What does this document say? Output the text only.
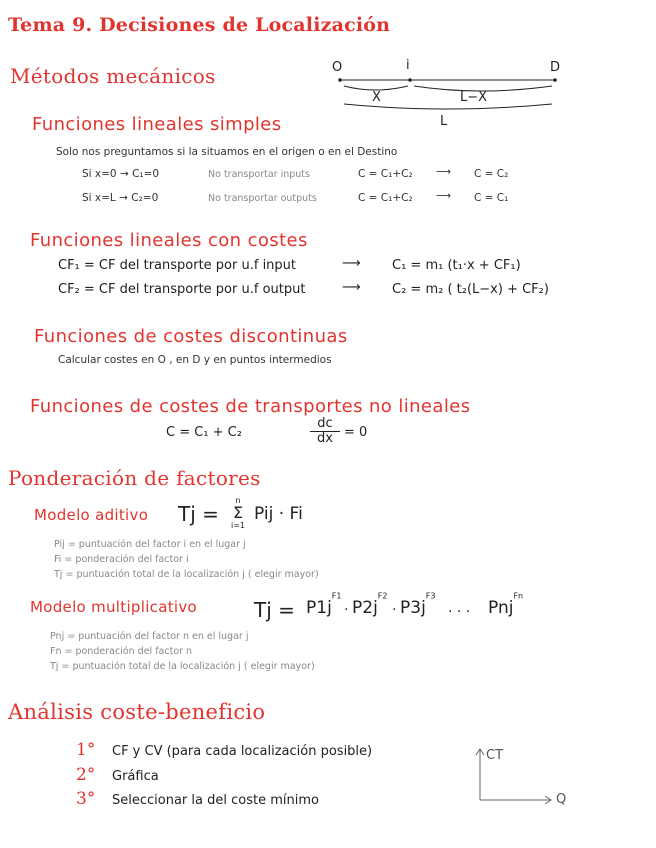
Tema 9. Decisiones de Localización
Métodos mecánicos	O	i	D
X	L−X
L
Funciones lineales simples
Solo nos preguntamos si la situamos en el origen o en el Destino
Si x=0 → C₁=0	No transportar inputs	C = C₁+C₂ ⟶ C = C₂
Si x=L → C₂=0	No transportar outputs	C = C₁+C₂ ⟶ C = C₁
Funciones lineales con costes
CF₁ = CF del transporte por u.f input	⟶ C₁ = m₁ (t₁·x + CF₁)
CF₂ = CF del transporte por u.f output	⟶ C₂ = m₂ ( t₂(L−x) + CF₂)
Funciones de costes discontinuas
Calcular costes en O , en D y en puntos intermedios
Funciones de costes de transportes no lineales
C = C₁ + C₂	$\frac{dc}{dx} = 0$
Ponderación de factores
Modelo aditivo Tj =
n
Σ
i=1
Pij · Fi
Pij = puntuación del factor i en el lugar j
Fi = ponderación del factor i
Tj = puntuación total de la localización j ( elegir mayor)
Modelo multiplicativo	$Tj = P1j^{F1}$
· $P2j^{F2}$
· $P3j^{F3}$
· · · Pnj$^{Fn}$
Pnj = puntuación del factor n en el lugar j
Fn = ponderación del factor n
Tj = puntuación total de la localización j ( elegir mayor)
Análisis coste-beneficio
1° CF y CV (para cada localización posible)
2° Gráfica
3° Seleccionar la del coste mínimo
CT
Q
